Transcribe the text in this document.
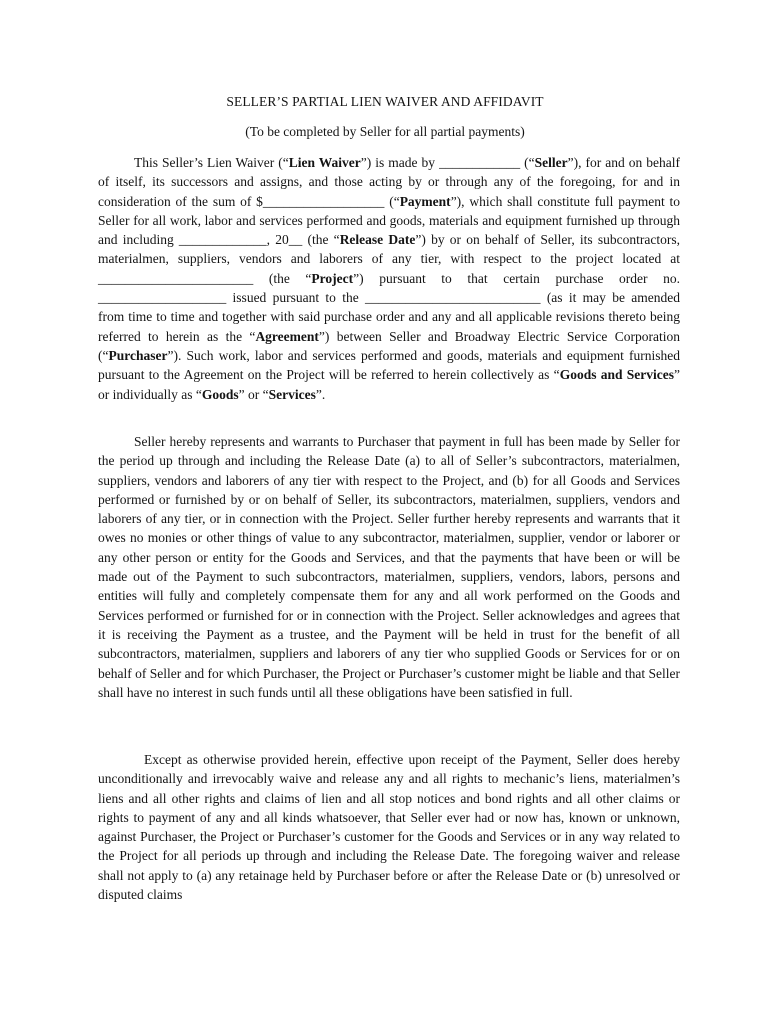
SELLER’S PARTIAL LIEN WAIVER AND AFFIDAVIT
(To be completed by Seller for all partial payments)

This Seller’s Lien Waiver (“Lien Waiver”) is made by ____________ (“Seller”), for and on behalf of itself, its successors and assigns, and those acting by or through any of the foregoing, for and in consideration of the sum of $__________________ (“Payment”), which shall constitute full payment to Seller for all work, labor and services performed and goods, materials and equipment furnished up through and including _____________, 20__ (the “Release Date”) by or on behalf of Seller, its subcontractors, materialmen, suppliers, vendors and laborers of any tier, with respect to the project located at _______________________ (the “Project”) pursuant to that certain purchase order no. ___________________ issued pursuant to the __________________________ (as it may be amended from time to time and together with said purchase order and any and all applicable revisions thereto being referred to herein as the “Agreement”) between Seller and Broadway Electric Service Corporation (“Purchaser”). Such work, labor and services performed and goods, materials and equipment furnished pursuant to the Agreement on the Project will be referred to herein collectively as “Goods and Services” or individually as “Goods” or “Services”.

Seller hereby represents and warrants to Purchaser that payment in full has been made by Seller for the period up through and including the Release Date (a) to all of Seller’s subcontractors, materialmen, suppliers, vendors and laborers of any tier with respect to the Project, and (b) for all Goods and Services performed or furnished by or on behalf of Seller, its subcontractors, materialmen, suppliers, vendors and laborers of any tier, or in connection with the Project. Seller further hereby represents and warrants that it owes no monies or other things of value to any subcontractor, materialmen, supplier, vendor or laborer or any other person or entity for the Goods and Services, and that the payments that have been or will be made out of the Payment to such subcontractors, materialmen, suppliers, vendors, labors, persons and entities will fully and completely compensate them for any and all work performed on the Goods and Services performed or furnished for or in connection with the Project. Seller acknowledges and agrees that it is receiving the Payment as a trustee, and the Payment will be held in trust for the benefit of all subcontractors, materialmen, suppliers and laborers of any tier who supplied Goods or Services for or on behalf of Seller and for which Purchaser, the Project or Purchaser’s customer might be liable and that Seller shall have no interest in such funds until all these obligations have been satisfied in full.

Except as otherwise provided herein, effective upon receipt of the Payment, Seller does hereby unconditionally and irrevocably waive and release any and all rights to mechanic’s liens, materialmen’s liens and all other rights and claims of lien and all stop notices and bond rights and all other claims or rights to payment of any and all kinds whatsoever, that Seller ever had or now has, known or unknown, against Purchaser, the Project or Purchaser’s customer for the Goods and Services or in any way related to the Project for all periods up through and including the Release Date. The foregoing waiver and release shall not apply to (a) any retainage held by Purchaser before or after the Release Date or (b) unresolved or disputed claims
